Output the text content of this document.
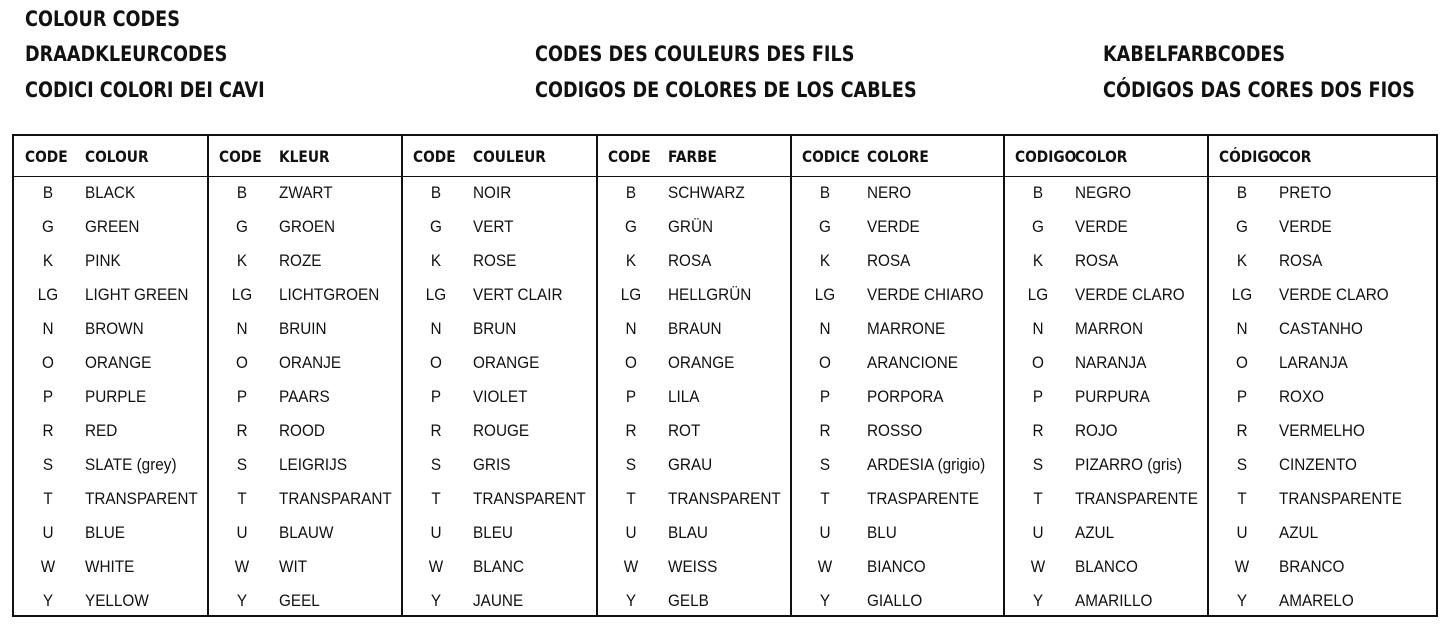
COLOUR CODES
DRAADKLEURCODES	CODES DES COULEURS DES FILS	KABELFARBCODES
CODICI COLORI DEI CAVI	CODIGOS DE COLORES DE LOS CABLES	CÓDIGOS DAS CORES DOS FIOS
CODE COLOUR
B	BLACK
G	GREEN
K	PINK
LG	LIGHT GREEN
N	BROWN
O	ORANGE
P	PURPLE
R	RED
S	SLATE (grey)
T	TRANSPARENT
U	BLUE
W	WHITE
Y	YELLOW
CODE KLEUR
B	ZWART
G	GROEN
K	ROZE
LG	LICHTGROEN
N	BRUIN
O	ORANJE
P	PAARS
R	ROOD
S	LEIGRIJS
T	TRANSPARANT
U	BLAUW
W	WIT
Y	GEEL
CODE COULEUR
B	NOIR
G	VERT
K	ROSE
LG	VERT CLAIR
N	BRUN
O	ORANGE
P	VIOLET
R	ROUGE
S	GRIS
T	TRANSPARENT
U	BLEU
W	BLANC
Y	JAUNE
CODE FARBE
B	SCHWARZ
G	GRÜN
K	ROSA
LG	HELLGRÜN
N	BRAUN
O	ORANGE
P	LILA
R	ROT
S	GRAU
T	TRANSPARENT
U	BLAU
W	WEISS
Y	GELB
CODICE COLORE
B	NERO
G	VERDE
K	ROSA
LG	VERDE CHIARO
N	MARRONE
O	ARANCIONE
P	PORPORA
R	ROSSO
S	ARDESIA (grigio)
T	TRASPARENTE
U	BLU
W	BIANCO
Y	GIALLO
CODIGO
COLOR
B	NEGRO
G	VERDE
K	ROSA
LG	VERDE CLARO
N	MARRON
O	NARANJA
P	PURPURA
R	ROJO
S	PIZARRO (gris)
T	TRANSPARENTE
U	AZUL
W	BLANCO
Y	AMARILLO
CÓDIGO
COR
B	PRETO
G	VERDE
K	ROSA
LG	VERDE CLARO
N	CASTANHO
O	LARANJA
P	ROXO
R	VERMELHO
S	CINZENTO
T	TRANSPARENTE
U	AZUL
W	BRANCO
Y	AMARELO
